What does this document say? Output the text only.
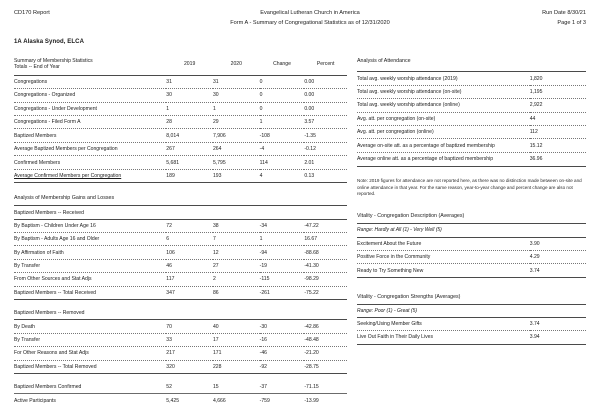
CD170 Report	Evangelical Lutheran Church in America
Form A - Summary of Congregational Statistics as of 12/31/2020
Run Date 8/30/21
Page 1 of 3
1A Alaska Synod, ELCA
Summary of Membership Statistics
Totals -- End of Year	2019	2020	Change	Percent

Congregations	31	31	0	0.00
Congregations - Organized	30	30	0	0.00
Congregations - Under Development	1	1	0	0.00
Congregations - Filed Form A	28	29	1	3.57
Baptized Members	8,014	7,906	-108	-1.35
Average Baptized Members per Congregation	267	264	-4	-0.12
Confirmed Members	5,681	5,795	114	2.01
Average Confirmed Members per Congregation	189	193	4	0.13

Analysis of Membership Gains and Losses				

Baptized Members -- Received				

By Baptism - Children Under Age 16	72	38	-34	-47.22
By Baptism - Adults Age 16 and Older	6	7	1	16.67
By Affirmation of Faith	106	12	-94	-88.68
By Transfer	46	27	-19	-41.30
From Other Sources and Stat Adjs	117	2	-115	-98.29
Baptized Members -- Total Received	347	86	-261	-75.22

Baptized Members -- Removed				

By Death	70	40	-30	-42.86
By Transfer	33	17	-16	-48.48
For Other Reasons and Stat Adjs	217	171	-46	-21.20
Baptized Members -- Total Removed	320	228	-92	-28.75

Baptized Members Confirmed	52	15	-37	-71.15
Active Participants	5,425	4,666	-759	-13.99
Analysis of Attendance	

Total avg. weekly worship attendance (2019)	1,820
Total avg. weekly worship attendance (on-site)	1,195
Total avg. weekly worship attendance (online)	2,922
Avg. att. per congregation (on-site)	44
Avg. att. per congregation (online)	112
Average on-site att. as a percentage of baptized membership	15.12
Average online att. as a percentage of baptized membership	36.96

Note: 2019 figures for attendance are not reported here, as there was no distinction made between on-site and online attendance in that year. For the same reason, year-to-year change and percent change are also not reported.
Vitality - Congregation Description (Averages)	

Range: Hardly at All (1) - Very Well (5)	

Excitement About the Future	3.90
Positive Force in the Community	4.29
Ready to Try Something New	3.74

Vitality - Congregation Strengths (Averages)	

Range: Poor (1) - Great (5)	

Seeking/Using Member Gifts	3.74
Live Out Faith in Their Daily Lives	3.94
